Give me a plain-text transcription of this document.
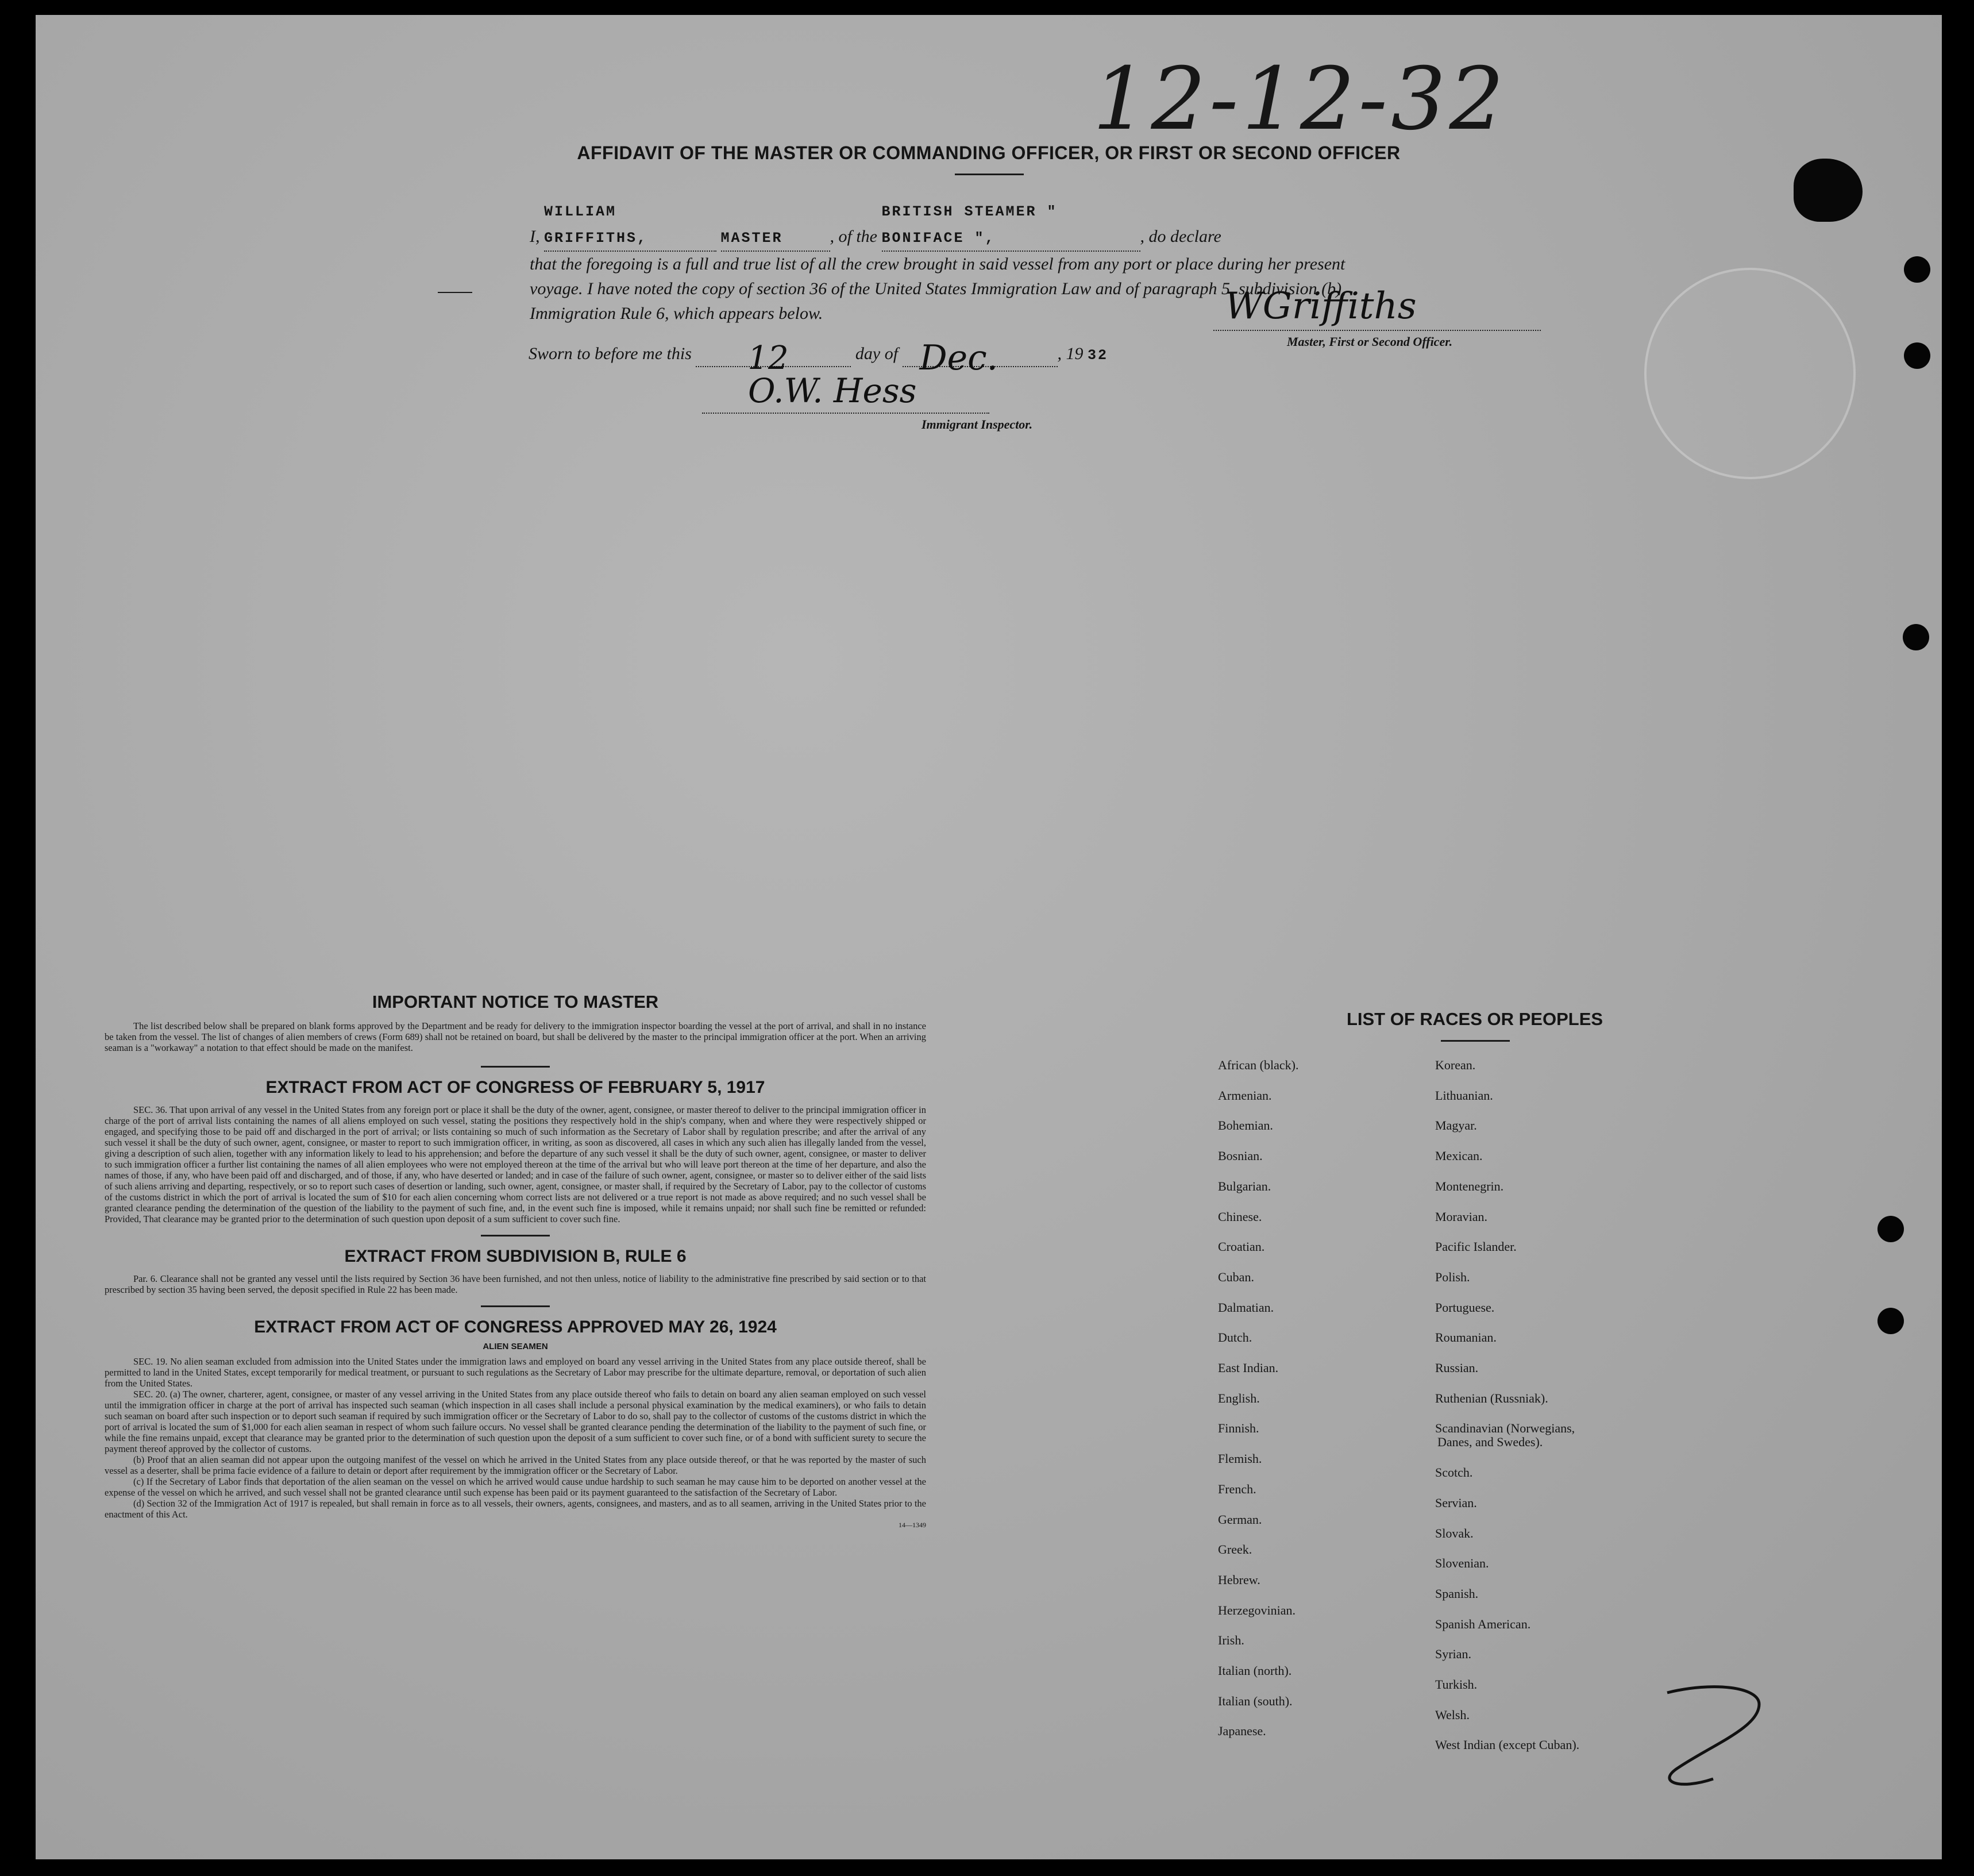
12-12-32
AFFIDAVIT OF THE MASTER OR COMMANDING OFFICER, OR FIRST OR SECOND OFFICER
I, WILLIAM GRIFFITHS,	MASTER	, of the BRITISH STEAMER " BONIFACE ",	, do declare
that the foregoing is a full and true list of all the crew brought in said vessel from any port or place during her present
voyage. I have noted the copy of section 36 of the United States Immigration Law and of paragraph 5, subdivision (b),
Immigration Rule 6, which appears below.	WGriffiths
Master, First or Second Officer.
Sworn to before me this 12	day of Dec.	, 19 32
O.W. Hess
Immigrant Inspector.
IMPORTANT NOTICE TO MASTER

The list described below shall be prepared on blank forms approved by the Department and be ready for delivery to the immigration inspector boarding the vessel at the port of arrival, and shall in no instance be taken from the vessel. The list of changes of alien members of crews (Form 689) shall not be retained on board, but shall be delivered by the master to the principal immigration officer at the port. When an arriving seaman is a "workaway" a notation to that effect should be made on the manifest.

EXTRACT FROM ACT OF CONGRESS OF FEBRUARY 5, 1917

SEC. 36. That upon arrival of any vessel in the United States from any foreign port or place it shall be the duty of the owner, agent, consignee, or master thereof to deliver to the principal immigration officer in charge of the port of arrival lists containing the names of all aliens employed on such vessel, stating the positions they respectively hold in the ship's company, when and where they were respectively shipped or engaged, and specifying those to be paid off and discharged in the port of arrival; or lists containing so much of such information as the Secretary of Labor shall by regulation prescribe; and after the arrival of any such vessel it shall be the duty of such owner, agent, consignee, or master to report to such immigration officer, in writing, as soon as discovered, all cases in which any such alien has illegally landed from the vessel, giving a description of such alien, together with any information likely to lead to his apprehension; and before the departure of any such vessel it shall be the duty of such owner, agent, consignee, or master to deliver to such immigration officer a further list containing the names of all alien employees who were not employed thereon at the time of the arrival but who will leave port thereon at the time of her departure, and also the names of those, if any, who have been paid off and discharged, and of those, if any, who have deserted or landed; and in case of the failure of such owner, agent, consignee, or master so to deliver either of the said lists of such aliens arriving and departing, respectively, or so to report such cases of desertion or landing, such owner, agent, consignee, or master shall, if required by the Secretary of Labor, pay to the collector of customs of the customs district in which the port of arrival is located the sum of $10 for each alien concerning whom correct lists are not delivered or a true report is not made as above required; and no such vessel shall be granted clearance pending the determination of the question of the liability to the payment of such fine, and, in the event such fine is imposed, while it remains unpaid; nor shall such fine be remitted or refunded: Provided, That clearance may be granted prior to the determination of such question upon deposit of a sum sufficient to cover such fine.

EXTRACT FROM SUBDIVISION B, RULE 6

Par. 6. Clearance shall not be granted any vessel until the lists required by Section 36 have been furnished, and not then unless, notice of liability to the administrative fine prescribed by said section or to that prescribed by section 35 having been served, the deposit specified in Rule 22 has been made.

EXTRACT FROM ACT OF CONGRESS APPROVED MAY 26, 1924
ALIEN SEAMEN

SEC. 19. No alien seaman excluded from admission into the United States under the immigration laws and employed on board any vessel arriving in the United States from any place outside thereof, shall be permitted to land in the United States, except temporarily for medical treatment, or pursuant to such regulations as the Secretary of Labor may prescribe for the ultimate departure, removal, or deportation of such alien from the United States.

SEC. 20. (a) The owner, charterer, agent, consignee, or master of any vessel arriving in the United States from any place outside thereof who fails to detain on board any alien seaman employed on such vessel until the immigration officer in charge at the port of arrival has inspected such seaman (which inspection in all cases shall include a personal physical examination by the medical examiners), or who fails to detain such seaman on board after such inspection or to deport such seaman if required by such immigration officer or the Secretary of Labor to do so, shall pay to the collector of customs of the customs district in which the port of arrival is located the sum of $1,000 for each alien seaman in respect of whom such failure occurs. No vessel shall be granted clearance pending the determination of the liability to the payment of such fine, or while the fine remains unpaid, except that clearance may be granted prior to the determination of such question upon the deposit of a sum sufficient to cover such fine, or of a bond with sufficient surety to secure the payment thereof approved by the collector of customs.

(b) Proof that an alien seaman did not appear upon the outgoing manifest of the vessel on which he arrived in the United States from any place outside thereof, or that he was reported by the master of such vessel as a deserter, shall be prima facie evidence of a failure to detain or deport after requirement by the immigration officer or the Secretary of Labor.

(c) If the Secretary of Labor finds that deportation of the alien seaman on the vessel on which he arrived would cause undue hardship to such seaman he may cause him to be deported on another vessel at the expense of the vessel on which he arrived, and such vessel shall not be granted clearance until such expense has been paid or its payment guaranteed to the satisfaction of the Secretary of Labor.

(d) Section 32 of the Immigration Act of 1917 is repealed, but shall remain in force as to all vessels, their owners, agents, consignees, and masters, and as to all seamen, arriving in the United States prior to the enactment of this Act.

14—1349
LIST OF RACES OR PEOPLES
African (black).
Armenian.
Bohemian.
Bosnian.
Bulgarian.
Chinese.
Croatian.
Cuban.
Dalmatian.
Dutch.
East Indian.
English.
Finnish.
Flemish.
French.
German.
Greek.
Hebrew.
Herzegovinian.
Irish.
Italian (north).
Italian (south).
Japanese.
Korean.
Lithuanian.
Magyar.
Mexican.
Montenegrin.
Moravian.
Pacific Islander.
Polish.
Portuguese.
Roumanian.
Russian.
Ruthenian (Russniak).
Scandinavian (Norwegians,
Danes, and Swedes).
Scotch.
Servian.
Slovak.
Slovenian.
Spanish.
Spanish American.
Syrian.
Turkish.
Welsh.
West Indian (except Cuban).
